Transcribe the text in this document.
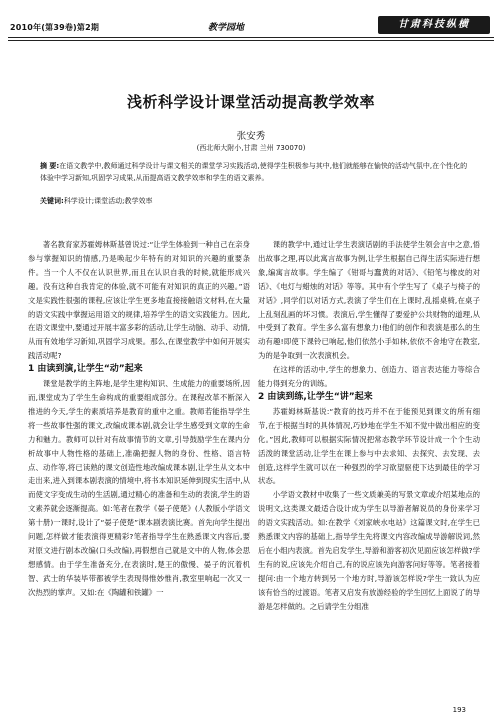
2010年(第39卷)第2期	教学园地	甘肃科技纵横
浅析科学设计课堂活动提高教学效率
张安秀
(西北师大附小,甘肃 兰州 730070)
摘 要:在语文教学中,教师通过科学设计与课文相关的课堂学习实践活动,使得学生积极参与其中,他们就能够在愉快的活动气氛中,在个性化的体验中学习新知,巩固学习成果,从而提高语文教学效率和学生的语文素养。
关键词:科学设计;课堂活动;教学效率

著名教育家苏霍姆林斯基曾说过:“让学生体验到一种自己在亲身参与掌握知识的情感,乃是唤起少年特有的对知识的兴趣的重要条件。当一个人不仅在认识世界,而且在认识自我的时候,就能形成兴趣。没有这种自我肯定的体验,就不可能有对知识的真正的兴趣。”语文是实践性很强的课程,应该让学生更多地直接接触语文材料,在大量的语文实践中掌握运用语文的规律,培养学生的语文实践能力。因此,在语文课堂中,要通过开展丰富多彩的活动,让学生动脑、动手、动情,从而有效地学习新知,巩固学习成果。那么,在课堂教学中如何开展实践活动呢?

1 由读到演,让学生“动”起来

课堂是教学的主阵地,是学生建构知识、生成能力的重要场所,因而,课堂成为了学生生命构成的重要组成部分。在课程改革不断深入推进的今天,学生的素质培养是教育的重中之重。教师若能指导学生将一些故事性强的课文,改编成课本剧,就会让学生感受到文章的生命力和魅力。教师可以针对有故事情节的文章,引导鼓励学生在课内分析故事中人物性格的基础上,准确把握人物的身份、性格、语言特点、动作等,将已读熟的课文创造性地改编成课本剧,让学生从文本中走出来,进入到课本剧表演的情境中,将书本知识延伸到现实生活中,从而使文字变成生动的生活剧,通过精心的准备和生动的表演,学生的语文素养就会逐渐提高。如:笔者在教学《晏子使楚》(人教版小学语文第十册)一课时,设计了“晏子使楚”课本剧表演比赛。首先向学生提出问题,怎样做才能表演得更精彩?笔者指导学生在熟悉课文内容后,要对原文进行剧本改编(口头改编),再假想自己就是文中的人物,体会思想感情。由于学生准备充分,在表演时,楚王的傲慢、晏子的沉着机智、武士的华装毕带都被学生表现得惟妙惟肖,教室里响起一次又一次热烈的掌声。又如:在《陶罐和铁罐》一

课的教学中,通过让学生表演话剧的手法使学生领会言中之意,悟出故事之理,再以此寓言故事为例,让学生根据自己得生活实际进行想象,编寓言故事。学生编了《钳哥与蠢黄的对话》、《铅笔与橡皮的对话》、《电灯与蜡烛的对话》等等。其中有个学生写了《桌子与椅子的对话》,同学们以对话方式,表演了学生们在上课时,乱摇桌椅,在桌子上乱刻乱画的坏习惯。表演后,学生懂得了要爱护公共财物的道理,从中受到了教育。学生多么富有想象力!他们的创作和表演是那么的生动有趣!即使下课铃已响起,他们依然小手如林,依依不舍地守在教室,为的是争取到一次表演机会。

在这样的活动中,学生的想象力、创造力、语言表达能力等综合能力得到充分的训练。

2 由读到练,让学生“讲”起来

苏霍姆林斯基说:“教育的技巧并不在于能预见到课文的所有细节,在于根据当时的具体情况,巧妙地在学生不知不觉中做出相应的变化。”因此,教师可以根据实际情况把常态教学环节设计成一个个生动活泼的课堂活动,让学生在课上参与中去求知、去探究、去发现、去创造,这样学生就可以在一种强烈的学习欲望驱使下达到最佳的学习状态。

小学语文教材中收集了一些文质兼美的写景文章或介绍某地点的说明文,这类课文最适合设计成为学生以导游者解说员的身份来学习的语文实践活动。如:在教学《刘家峡水电站》这篇课文时,在学生已熟悉课文内容的基础上,指导学生先将课文内容改编成导游解说词,然后在小组内表演。首先启发学生,导游和游客初次见面应该怎样做?学生有的说,应该先介绍自己,有的说应该先向游客问好等等。笔者接着提问:由一个地方转到另一个地方时,导游该怎样说?学生一致认为应该有恰当的过渡语。笔者又启发有放游经验的学生回忆上面说了的导游是怎样做的。之后请学生分组准

193
